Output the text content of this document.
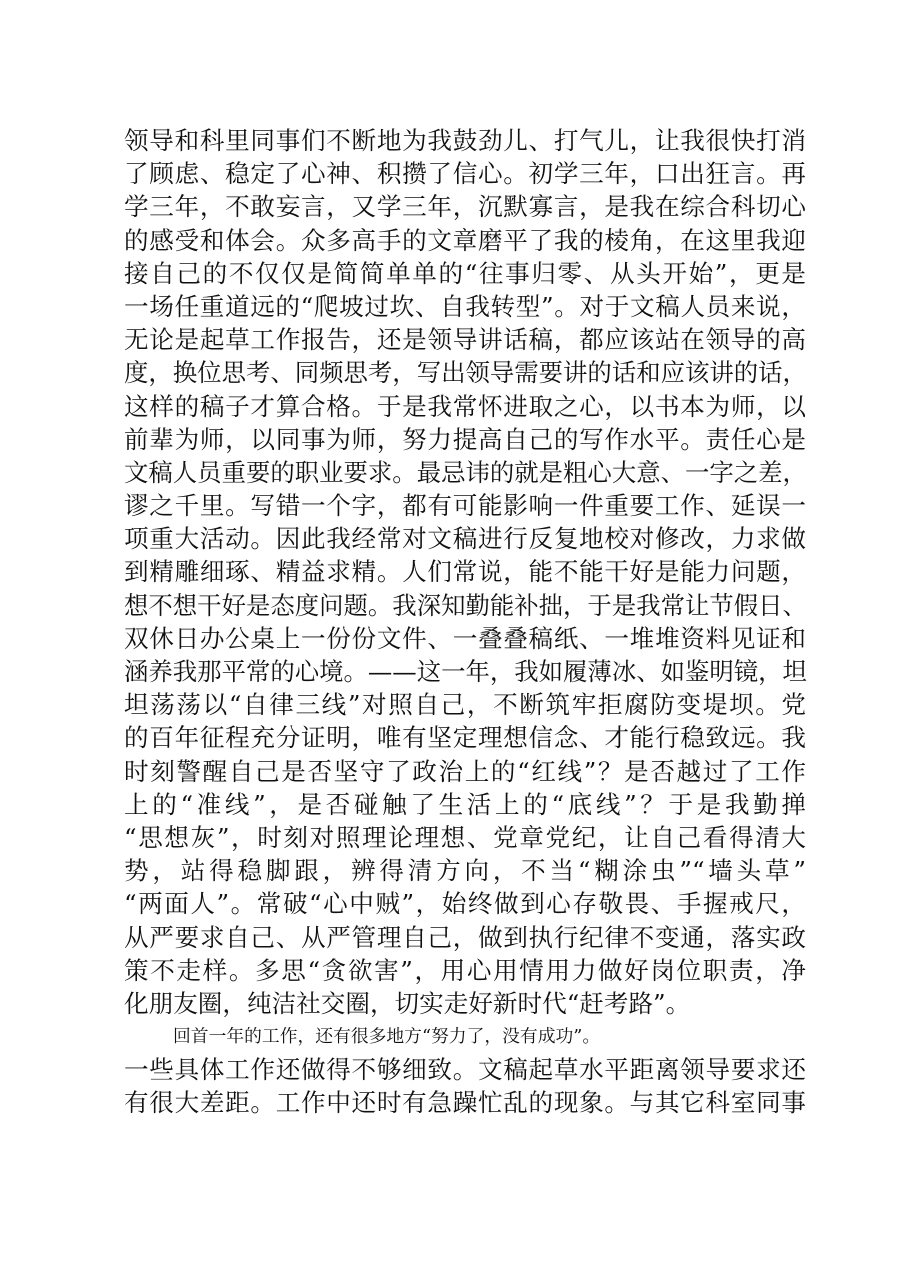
领导和科里同事们不断地为我鼓劲儿、打气儿，让我很快打消
了顾虑、稳定了心神、积攒了信心。初学三年，口出狂言。再
学三年，不敢妄言，又学三年，沉默寡言，是我在综合科切心
的感受和体会。众多高手的文章磨平了我的棱角，在这里我迎
接自己的不仅仅是简简单单的“往事归零、从头开始”，更是
一场任重道远的“爬坡过坎、自我转型”。对于文稿人员来说，
无论是起草工作报告，还是领导讲话稿，都应该站在领导的高
度，换位思考、同频思考，写出领导需要讲的话和应该讲的话，
这样的稿子才算合格。于是我常怀进取之心，以书本为师，以
前辈为师，以同事为师，努力提高自己的写作水平。责任心是
文稿人员重要的职业要求。最忌讳的就是粗心大意、一字之差，
谬之千里。写错一个字，都有可能影响一件重要工作、延误一
项重大活动。因此我经常对文稿进行反复地校对修改，力求做
到精雕细琢、精益求精。人们常说，能不能干好是能力问题，
想不想干好是态度问题。我深知勤能补拙，于是我常让节假日、
双休日办公桌上一份份文件、一叠叠稿纸、一堆堆资料见证和
涵养我那平常的心境。——这一年，我如履薄冰、如鉴明镜，坦
坦荡荡以“自律三线”对照自己，不断筑牢拒腐防变堤坝。党
的百年征程充分证明，唯有坚定理想信念、才能行稳致远。我
时刻警醒自己是否坚守了政治上的“红线”？是否越过了工作
上的“准线”，是否碰触了生活上的“底线”？于是我勤掸
“思想灰”，时刻对照理论理想、党章党纪，让自己看得清大
势，站得稳脚跟，辨得清方向，不当“糊涂虫”“墙头草”
“两面人”。常破“心中贼”，始终做到心存敬畏、手握戒尺，
从严要求自己、从严管理自己，做到执行纪律不变通，落实政
策不走样。多思“贪欲害”，用心用情用力做好岗位职责，净
化朋友圈，纯洁社交圈，切实走好新时代“赶考路”。
回首一年的工作，还有很多地方“努力了，没有成功”。
一些具体工作还做得不够细致。文稿起草水平距离领导要求还
有很大差距。工作中还时有急躁忙乱的现象。与其它科室同事
